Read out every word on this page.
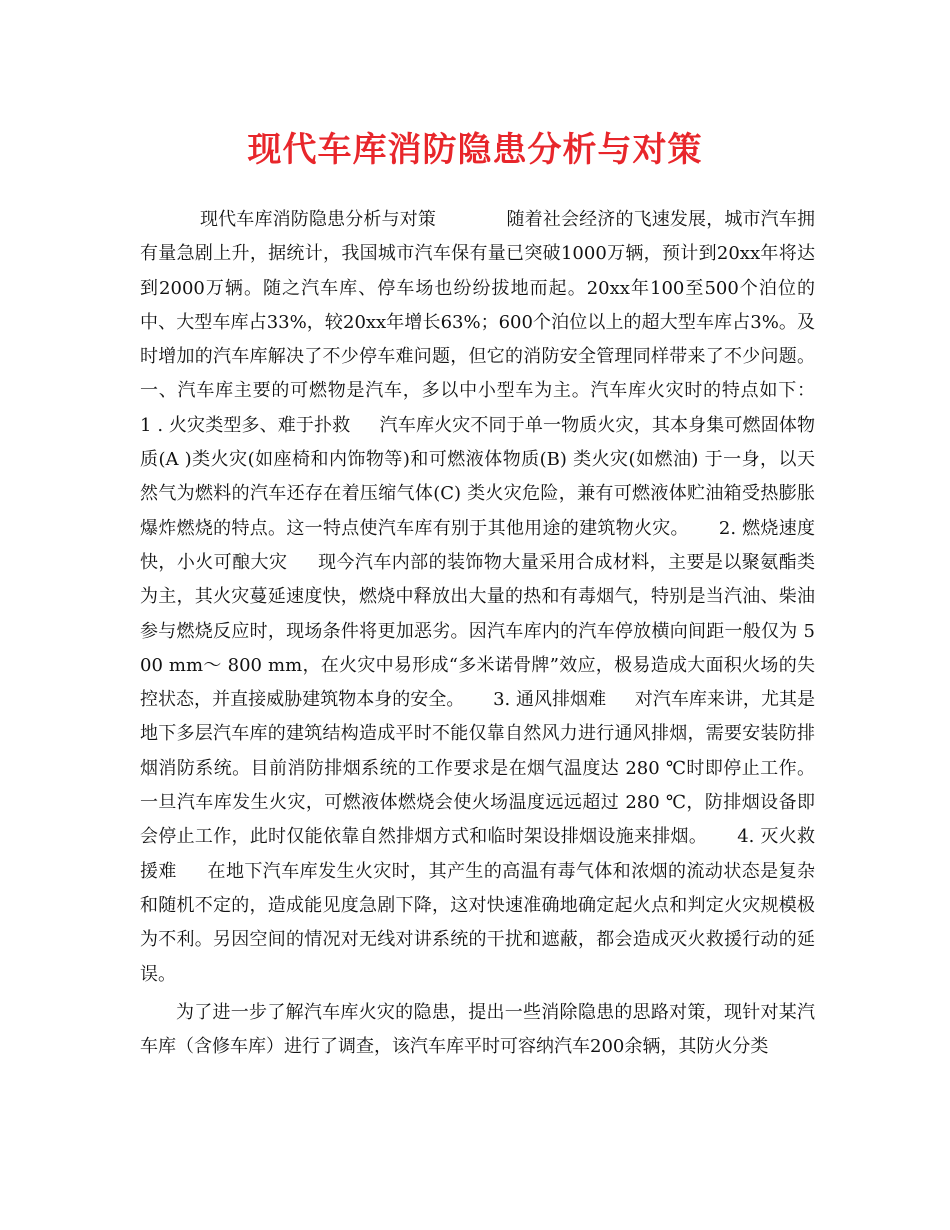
现代车库消防隐患分析与对策

现代车库消防隐患分析与对策            随着社会经济的飞速发展，城市汽车拥有量急剧上升，据统计，我国城市汽车保有量已突破1000万辆，预计到20xx年将达到2000万辆。随之汽车库、停车场也纷纷拔地而起。20xx年100至500个泊位的中、大型车库占33%，较20xx年增长63%；600个泊位以上的超大型车库占3%。及时增加的汽车库解决了不少停车难问题，但它的消防安全管理同样带来了不少问题。     一、汽车库主要的可燃物是汽车，多以中小型车为主。汽车库火灾时的特点如下：     1 . 火灾类型多、难于扑救     汽车库火灾不同于单一物质火灾，其本身集可燃固体物质(A )类火灾(如座椅和内饰物等)和可燃液体物质(B) 类火灾(如燃油) 于一身，以天然气为燃料的汽车还存在着压缩气体(C) 类火灾危险，兼有可燃液体贮油箱受热膨胀爆炸燃烧的特点。这一特点使汽车库有别于其他用途的建筑物火灾。     2. 燃烧速度快，小火可酿大灾     现今汽车内部的装饰物大量采用合成材料，主要是以聚氨酯类为主，其火灾蔓延速度快，燃烧中释放出大量的热和有毒烟气，特别是当汽油、柴油参与燃烧反应时，现场条件将更加恶劣。因汽车库内的汽车停放横向间距一般仅为 500 mm～ 800 mm，在火灾中易形成“多米诺骨牌”效应，极易造成大面积火场的失控状态，并直接威胁建筑物本身的安全。     3. 通风排烟难     对汽车库来讲，尤其是地下多层汽车库的建筑结构造成平时不能仅靠自然风力进行通风排烟，需要安装防排烟消防系统。目前消防排烟系统的工作要求是在烟气温度达 280 ℃时即停止工作。一旦汽车库发生火灾，可燃液体燃烧会使火场温度远远超过 280 ℃，防排烟设备即会停止工作，此时仅能依靠自然排烟方式和临时架设排烟设施来排烟。     4. 灭火救援难     在地下汽车库发生火灾时，其产生的高温有毒气体和浓烟的流动状态是复杂和随机不定的，造成能见度急剧下降，这对快速准确地确定起火点和判定火灾规模极为不利。另因空间的情况对无线对讲系统的干扰和遮蔽，都会造成灭火救援行动的延误。

为了进一步了解汽车库火灾的隐患，提出一些消除隐患的思路对策，现针对某汽车库（含修车库）进行了调查，该汽车库平时可容纳汽车200余辆，其防火分类
